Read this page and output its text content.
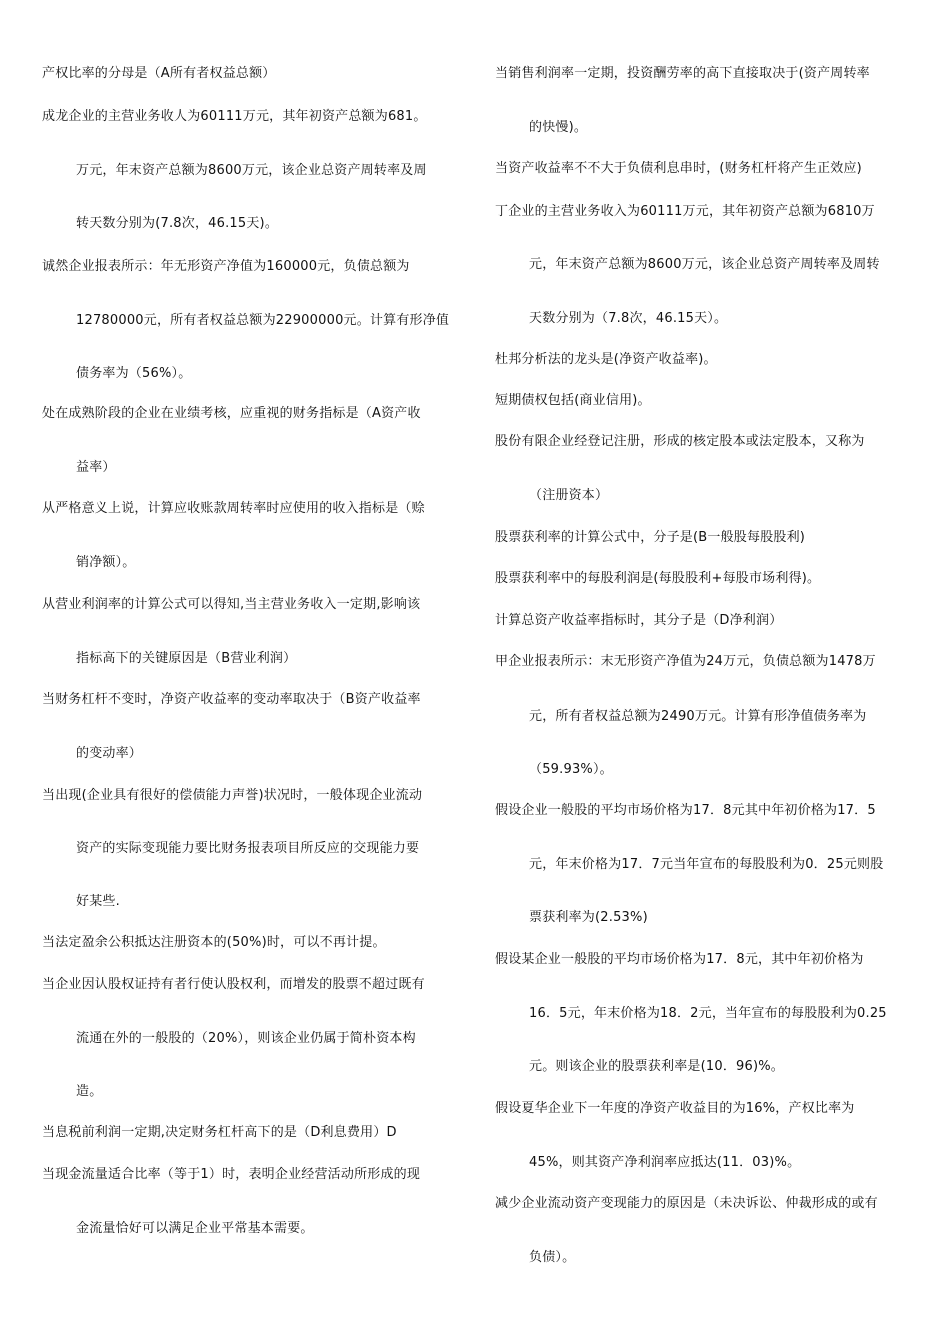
产权比率的分母是（A所有者权益总额）
成龙企业的主营业务收人为60111万元，其年初资产总额为681。
万元，年末资产总额为8600万元，该企业总资产周转率及周
转天数分别为(7.8次，46.15天)。
诚然企业报表所示：年无形资产净值为160000元，负债总额为
12780000元，所有者权益总额为22900000元。计算有形净值
债务率为（56%）。
处在成熟阶段的企业在业绩考核，应重视的财务指标是（A资产收
益率）
从严格意义上说，计算应收账款周转率时应使用的收入指标是（赊
销净额）。
从营业利润率的计算公式可以得知,当主营业务收入一定期,影响该
指标高下的关键原因是（B营业利润）
当财务杠杆不变时，净资产收益率的变动率取决于（B资产收益率
的变动率）
当出现(企业具有很好的偿债能力声誉)状况时，一般体现企业流动
资产的实际变现能力要比财务报表项目所反应的交现能力要
好某些.
当法定盈余公积抵达注册资本的(50%)时，可以不再计提。
当企业因认股权证持有者行使认股权利，而增发的股票不超过既有
流通在外的一般股的（20%），则该企业仍属于简朴资本构
造。
当息税前利润一定期,决定财务杠杆高下的是（D利息费用）D
当现金流量适合比率（等于1）时，表明企业经营活动所形成的现
金流量恰好可以满足企业平常基本需要。
当销售利润率一定期，投资酬劳率的高下直接取决于(资产周转率
的快慢)。
当资产收益率不不大于负债利息串时，(财务杠杆将产生正效应)
丁企业的主营业务收入为60111万元，其年初资产总额为6810万
元，年末资产总额为8600万元，该企业总资产周转率及周转
天数分别为（7.8次，46.15天）。
杜邦分析法的龙头是(净资产收益率)。
短期债权包括(商业信用)。
股份有限企业经登记注册，形成的核定股本或法定股本，又称为
（注册资本）
股票获利率的计算公式中，分子是(B一般股每股股利)
股票获利率中的每股利润是(每股股利+每股市场利得)。
计算总资产收益率指标时，其分子是（D净利润）
甲企业报表所示：末无形资产净值为24万元，负债总额为1478万
元，所有者权益总额为2490万元。计算有形净值债务率为
（59.93%）。
假设企业一般股的平均市场价格为17．8元其中年初价格为17．5
元，年末价格为17．7元当年宣布的每股股利为0．25元则股
票获利率为(2.53%)
假设某企业一般股的平均市场价格为17．8元，其中年初价格为
16．5元，年末价格为18．2元，当年宣布的每股股利为0.25
元。则该企业的股票获利率是(10．96)%。
假设夏华企业下一年度的净资产收益目的为16%，产权比率为
45%，则其资产净利润率应抵达(11．03)%。
减少企业流动资产变现能力的原因是（未决诉讼、仲裁形成的或有
负债）。
